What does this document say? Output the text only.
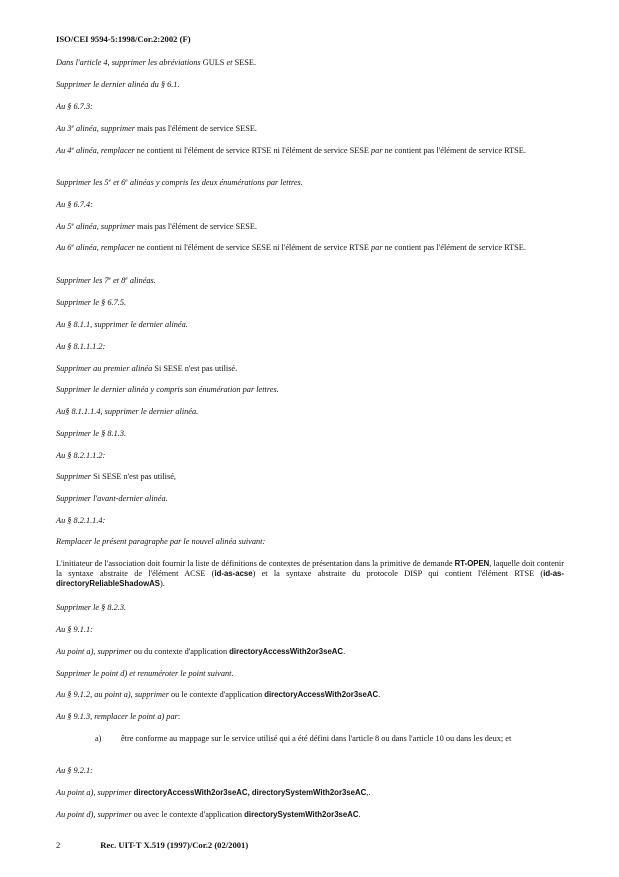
ISO/CEI 9594-5:1998/Cor.2:2002 (F)
Dans l'article 4, supprimer les abréviations GULS et SESE.
Supprimer le dernier alinéa du § 6.1.
Au § 6.7.3:
Au 3e alinéa, supprimer mais pas l'élément de service SESE.
Au 4e alinéa, remplacer ne contient ni l'élément de service RTSE ni l'élément de service SESE par ne contient pas l'élément de service RTSE.
Supprimer les 5e et 6e alinéas y compris les deux énumérations par lettres.
Au § 6.7.4:
Au 5e alinéa, supprimer mais pas l'élément de service SESE.
Au 6e alinéa, remplacer ne contient ni l'élément de service SESE ni l'élément de service RTSE par ne contient pas l'élément de service RTSE.
Supprimer les 7e et 8e alinéas.
Supprimer le § 6.7.5.
Au § 8.1.1, supprimer le dernier alinéa.
Au § 8.1.1.1.2:
Supprimer au premier alinéa Si SESE n'est pas utilisé.
Supprimer le dernier alinéa y compris son énumération par lettres.
Au§ 8.1.1.1.4, supprimer le dernier alinéa.
Supprimer le § 8.1.3.
Au § 8.2.1.1.2:
Supprimer Si SESE n'est pas utilisé,
Supprimer l'avant-dernier alinéa.
Au § 8.2.1.1.4:
Remplacer le présent paragraphe par le nouvel alinéa suivant:
L'initiateur de l'association doit fournir la liste de définitions de contextes de présentation dans la primitive de demande RT-OPEN, laquelle doit contenir la syntaxe abstraite de l'élément ACSE (id-as-acse) et la syntaxe abstraite du protocole DISP qui contient l'élément RTSE (id-as-directoryReliableShadowAS).
Supprimer le § 8.2.3.
Au § 9.1.1:
Au point a), supprimer ou du contexte d'application directoryAccessWith2or3seAC.
Supprimer le point d) et renuméroter le point suivant.
Au § 9.1.2, au point a), supprimer ou le contexte d'application directoryAccessWith2or3seAC.
Au § 9.1.3, remplacer le point a) par:
a) être conforme au mappage sur le service utilisé qui a été défini dans l'article 8 ou dans l'article 10 ou dans les deux; et
Au § 9.2.1:
Au point a), supprimer directoryAccessWith2or3seAC, directorySystemWith2or3seAC,.
Au point d), supprimer ou avec le contexte d'application directorySystemWith2or3seAC.
2	Rec. UIT-T X.519 (1997)/Cor.2 (02/2001)
